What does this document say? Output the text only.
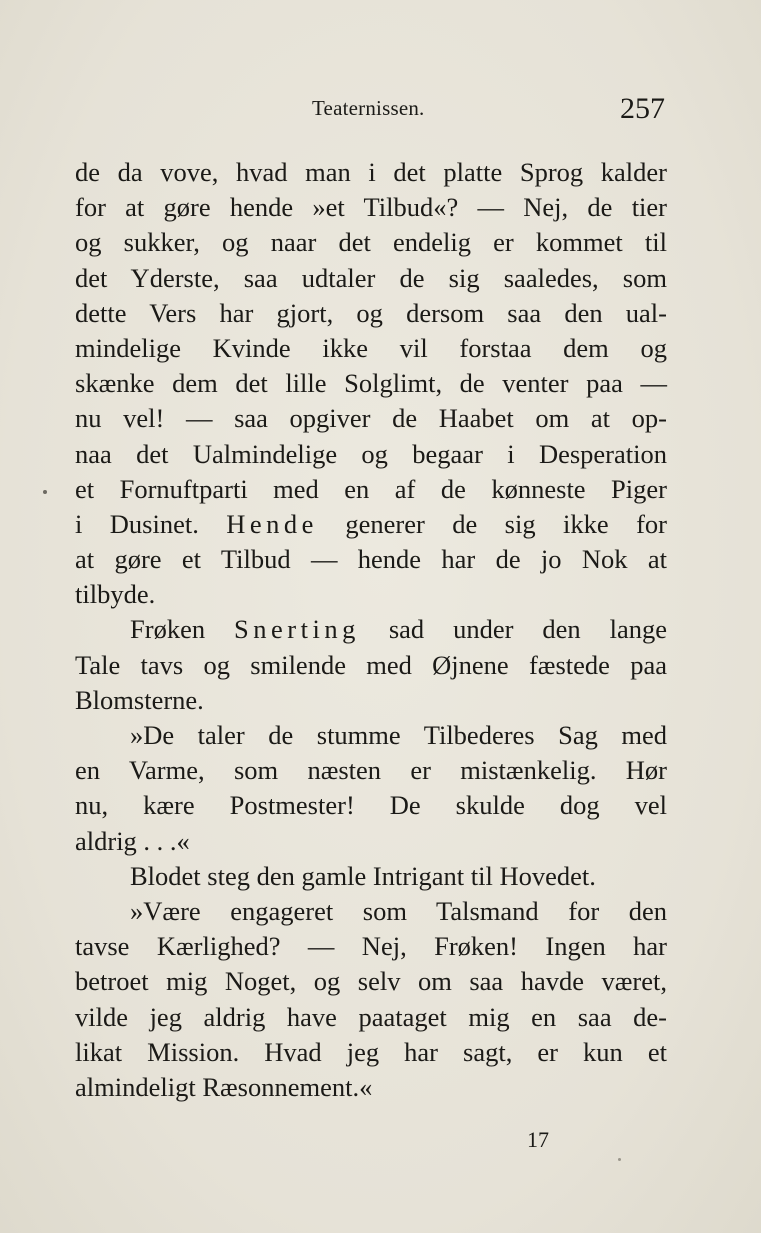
Teaternissen.	257
de da vove, hvad man i det platte Sprog kalder
for at gøre hende »et Tilbud«? — Nej, de tier
og sukker, og naar det endelig er kommet til
det Yderste, saa udtaler de sig saaledes, som
dette Vers har gjort, og dersom saa den ual-
mindelige Kvinde ikke vil forstaa dem og
skænke dem det lille Solglimt, de venter paa —
nu vel! — saa opgiver de Haabet om at op-
naa det Ualmindelige og begaar i Desperation
et Fornuftparti med en af de kønneste Piger
i Dusinet. Hende generer de sig ikke for
at gøre et Tilbud — hende har de jo Nok at
tilbyde.
Frøken Snerting sad under den lange
Tale tavs og smilende med Øjnene fæstede paa
Blomsterne.
»De taler de stumme Tilbederes Sag med
en Varme, som næsten er mistænkelig. Hør
nu, kære Postmester! De skulde dog vel
aldrig . . .«
Blodet steg den gamle Intrigant til Hovedet.
»Være engageret som Talsmand for den
tavse Kærlighed? — Nej, Frøken! Ingen har
betroet mig Noget, og selv om saa havde været,
vilde jeg aldrig have paataget mig en saa de-
likat Mission. Hvad jeg har sagt, er kun et
almindeligt Ræsonnement.«
17
